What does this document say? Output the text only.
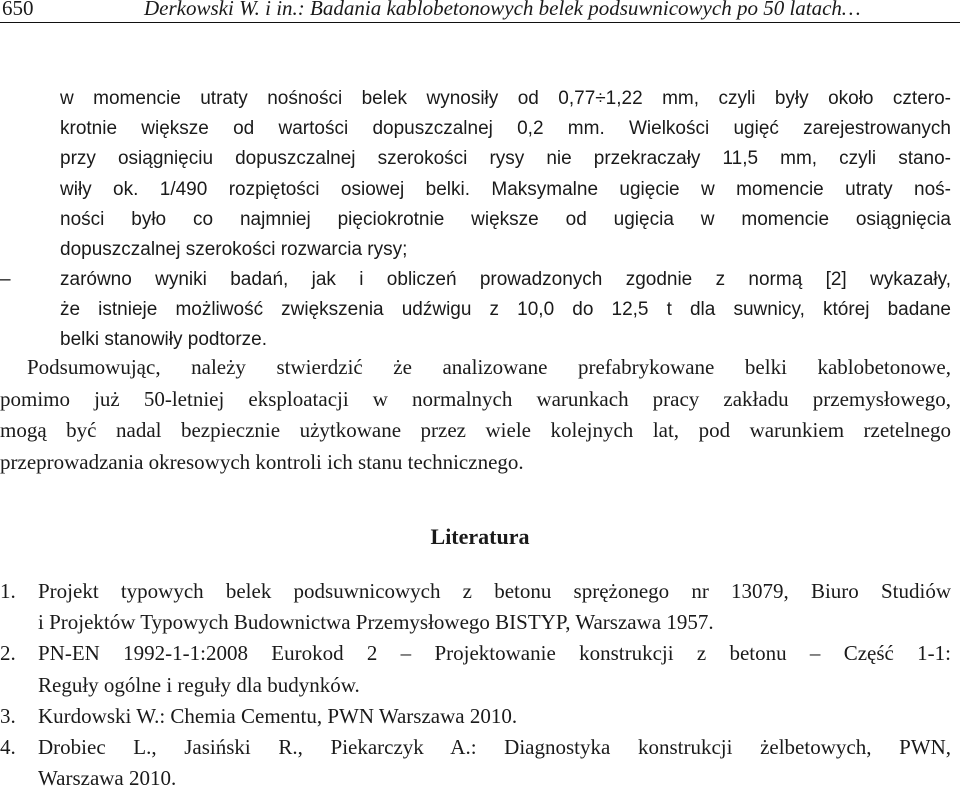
650	Derkowski W. i in.: Badania kablobetonowych belek podsuwnicowych po 50 latach…
w momencie utraty nośności belek wynosiły od 0,77÷1,22 mm, czyli były około cztero-
krotnie większe od wartości dopuszczalnej 0,2 mm. Wielkości ugięć zarejestrowanych
przy osiągnięciu dopuszczalnej szerokości rysy nie przekraczały 11,5 mm, czyli stano-
wiły ok. 1/490 rozpiętości osiowej belki. Maksymalne ugięcie w momencie utraty noś-
ności było co najmniej pięciokrotnie większe od ugięcia w momencie osiągnięcia
dopuszczalnej szerokości rozwarcia rysy;
–	zarówno wyniki badań, jak i obliczeń prowadzonych zgodnie z normą [2] wykazały,
że istnieje możliwość zwiększenia udźwigu z 10,0 do 12,5 t dla suwnicy, której badane
belki stanowiły podtorze.
Podsumowując, należy stwierdzić że analizowane prefabrykowane belki kablobetonowe,
pomimo już 50-letniej eksploatacji w normalnych warunkach pracy zakładu przemysłowego,
mogą być nadal bezpiecznie użytkowane przez wiele kolejnych lat, pod warunkiem rzetelnego
przeprowadzania okresowych kontroli ich stanu technicznego.
Literatura
1. Projekt typowych belek podsuwnicowych z betonu sprężonego nr 13079, Biuro Studiów
i Projektów Typowych Budownictwa Przemysłowego BISTYP, Warszawa 1957.
2. PN-EN 1992-1-1:2008 Eurokod 2 – Projektowanie konstrukcji z betonu – Część 1-1:
Reguły ogólne i reguły dla budynków.
3. Kurdowski W.: Chemia Cementu, PWN Warszawa 2010.
4. Drobiec L., Jasiński R., Piekarczyk A.: Diagnostyka konstrukcji żelbetowych, PWN,
Warszawa 2010.
